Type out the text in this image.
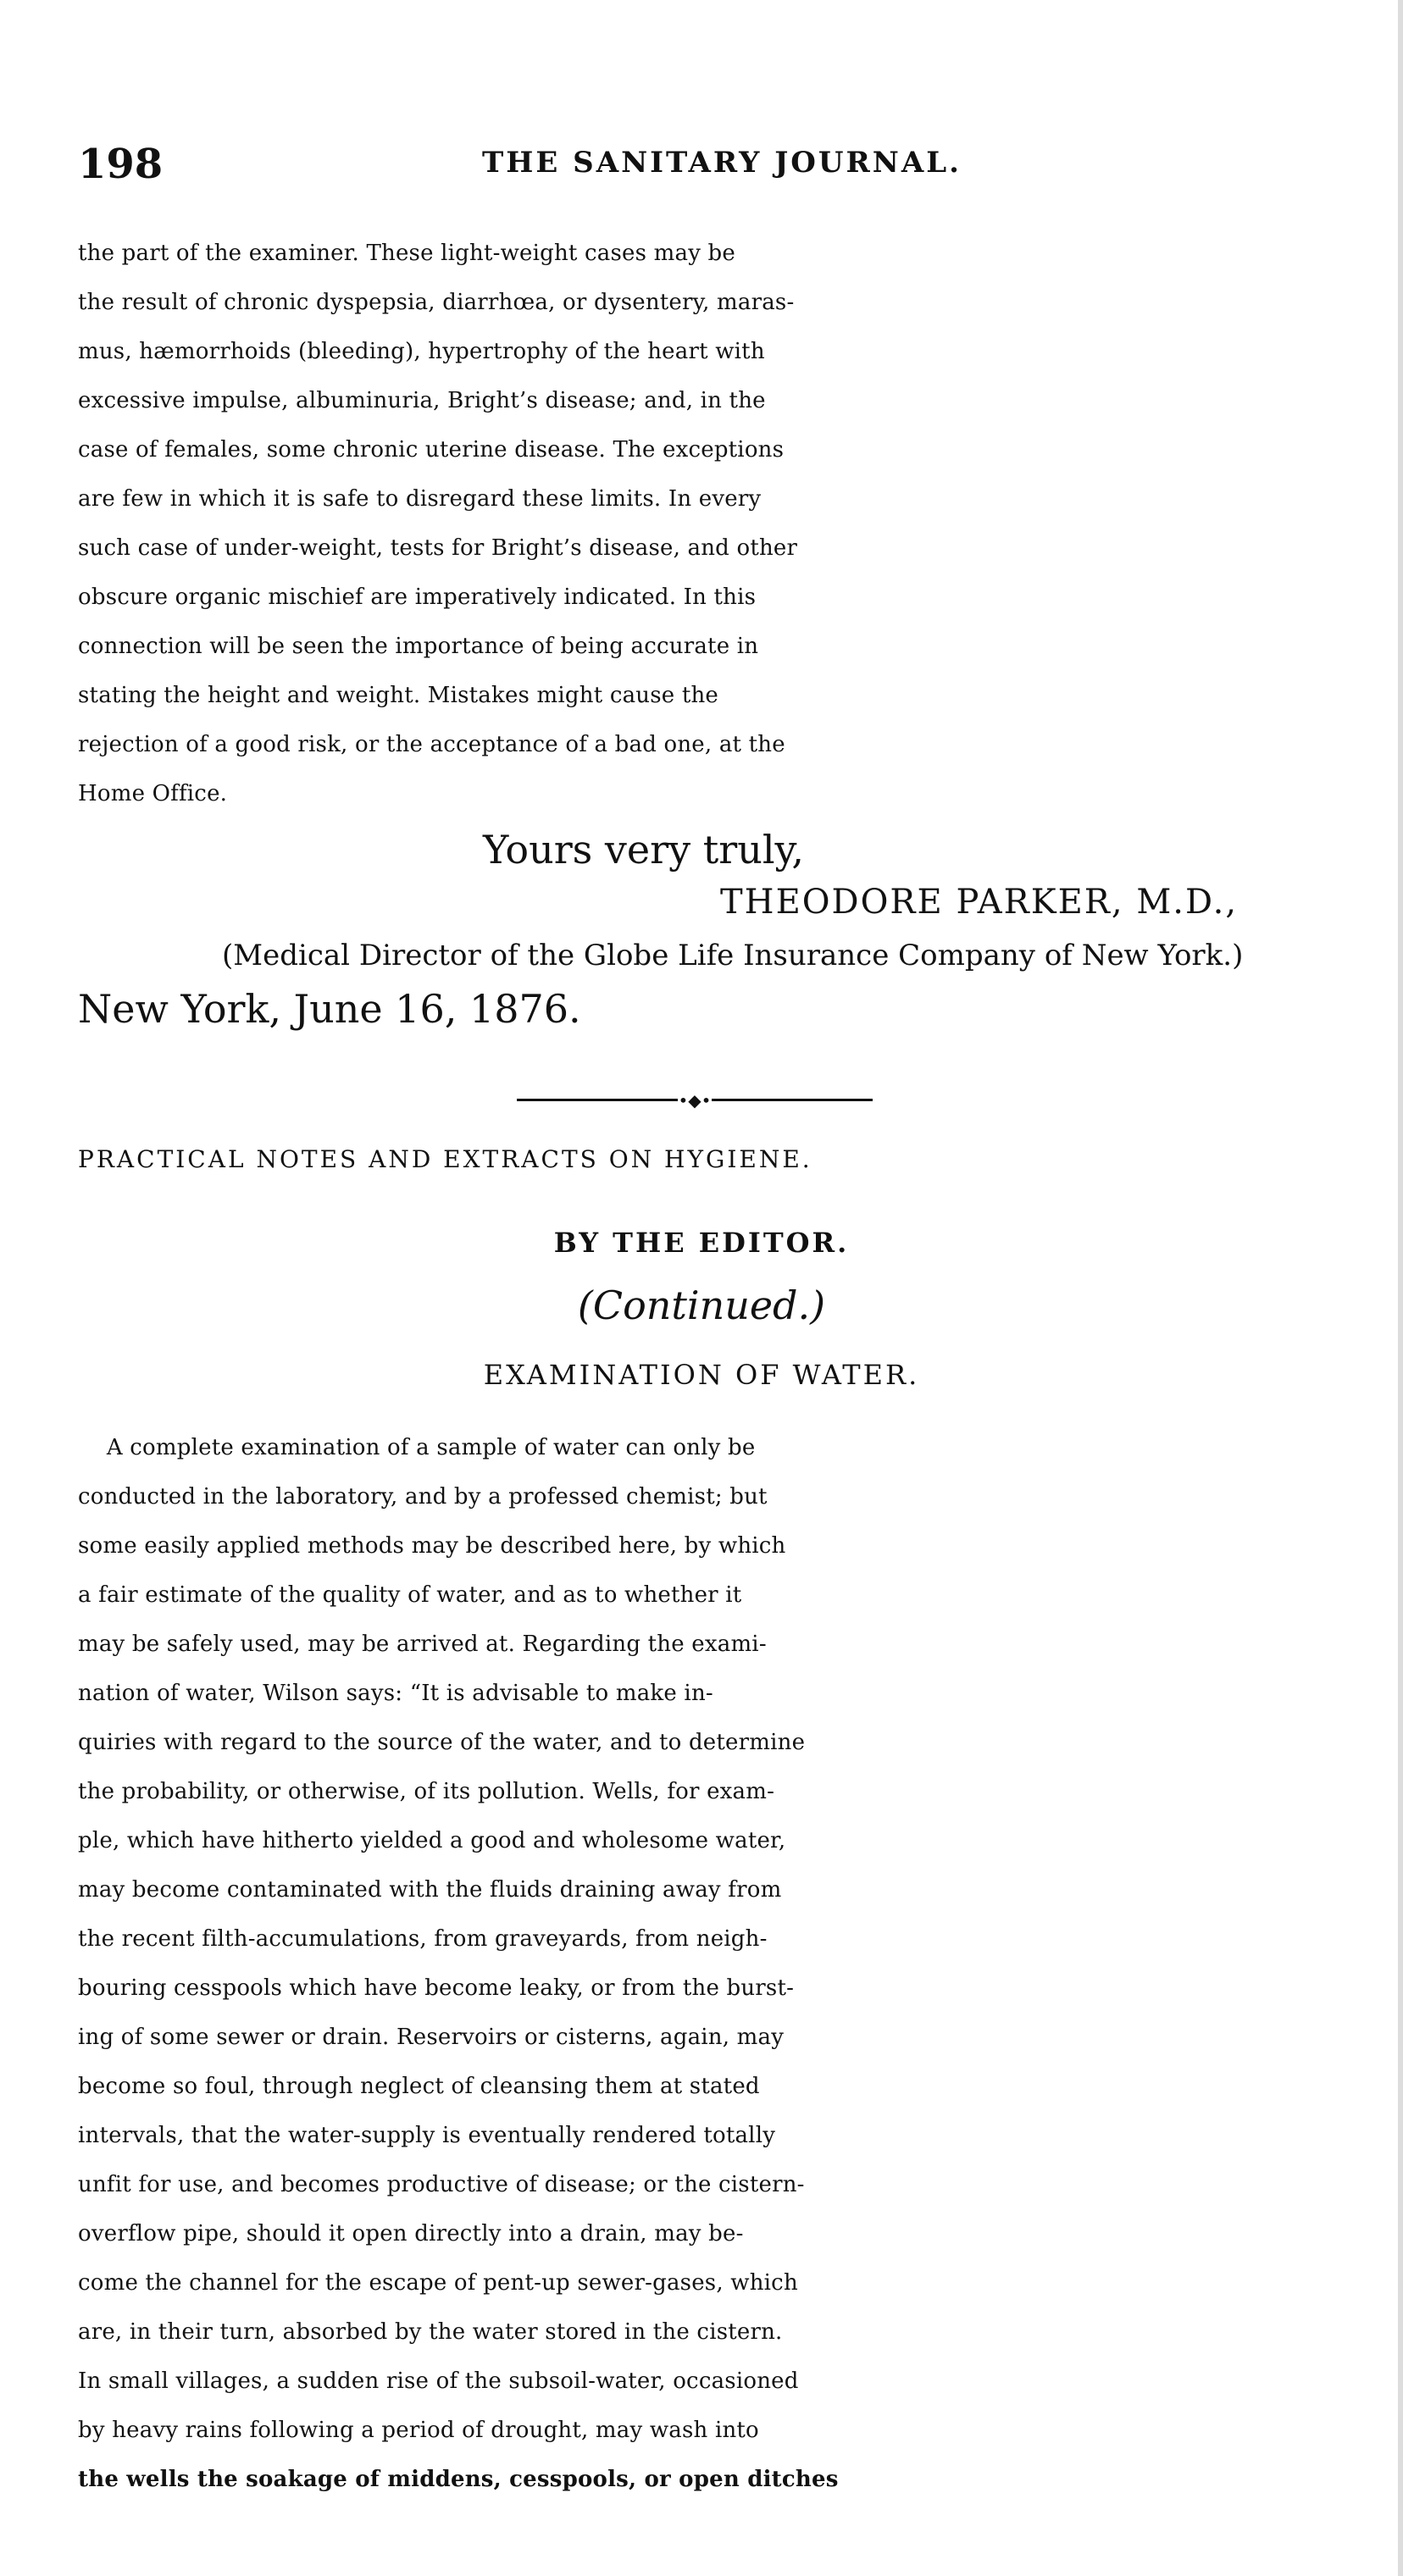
198	THE SANITARY JOURNAL.

the part of the examiner. These light-weight cases may be

the result of chronic dyspepsia, diarrhœa, or dysentery, maras-

mus, hæmorrhoids (bleeding), hypertrophy of the heart with

excessive impulse, albuminuria, Bright’s disease; and, in the

case of females, some chronic uterine disease. The exceptions

are few in which it is safe to disregard these limits. In every

such case of under-weight, tests for Bright’s disease, and other

obscure organic mischief are imperatively indicated. In this

connection will be seen the importance of being accurate in

stating the height and weight. Mistakes might cause the

rejection of a good risk, or the acceptance of a bad one, at the

Home Office.

Yours very truly,
THEODORE PARKER, M.D.,
(Medical Director of the Globe Life Insurance Company of New York.)
New York, June 16, 1876.
•◆•
PRACTICAL NOTES AND EXTRACTS ON HYGIENE.
BY THE EDITOR.
(Continued.)
EXAMINATION OF WATER.

A complete examination of a sample of water can only be

conducted in the laboratory, and by a professed chemist; but

some easily applied methods may be described here, by which

a fair estimate of the quality of water, and as to whether it

may be safely used, may be arrived at. Regarding the exami-

nation of water, Wilson says: “It is advisable to make in-

quiries with regard to the source of the water, and to determine

the probability, or otherwise, of its pollution. Wells, for exam-

ple, which have hitherto yielded a good and wholesome water,

may become contaminated with the fluids draining away from

the recent filth-accumulations, from graveyards, from neigh-

bouring cesspools which have become leaky, or from the burst-

ing of some sewer or drain. Reservoirs or cisterns, again, may

become so foul, through neglect of cleansing them at stated

intervals, that the water-supply is eventually rendered totally

unfit for use, and becomes productive of disease; or the cistern-

overflow pipe, should it open directly into a drain, may be-

come the channel for the escape of pent-up sewer-gases, which

are, in their turn, absorbed by the water stored in the cistern.

In small villages, a sudden rise of the subsoil-water, occasioned

by heavy rains following a period of drought, may wash into

the wells the soakage of middens, cesspools, or open ditches
